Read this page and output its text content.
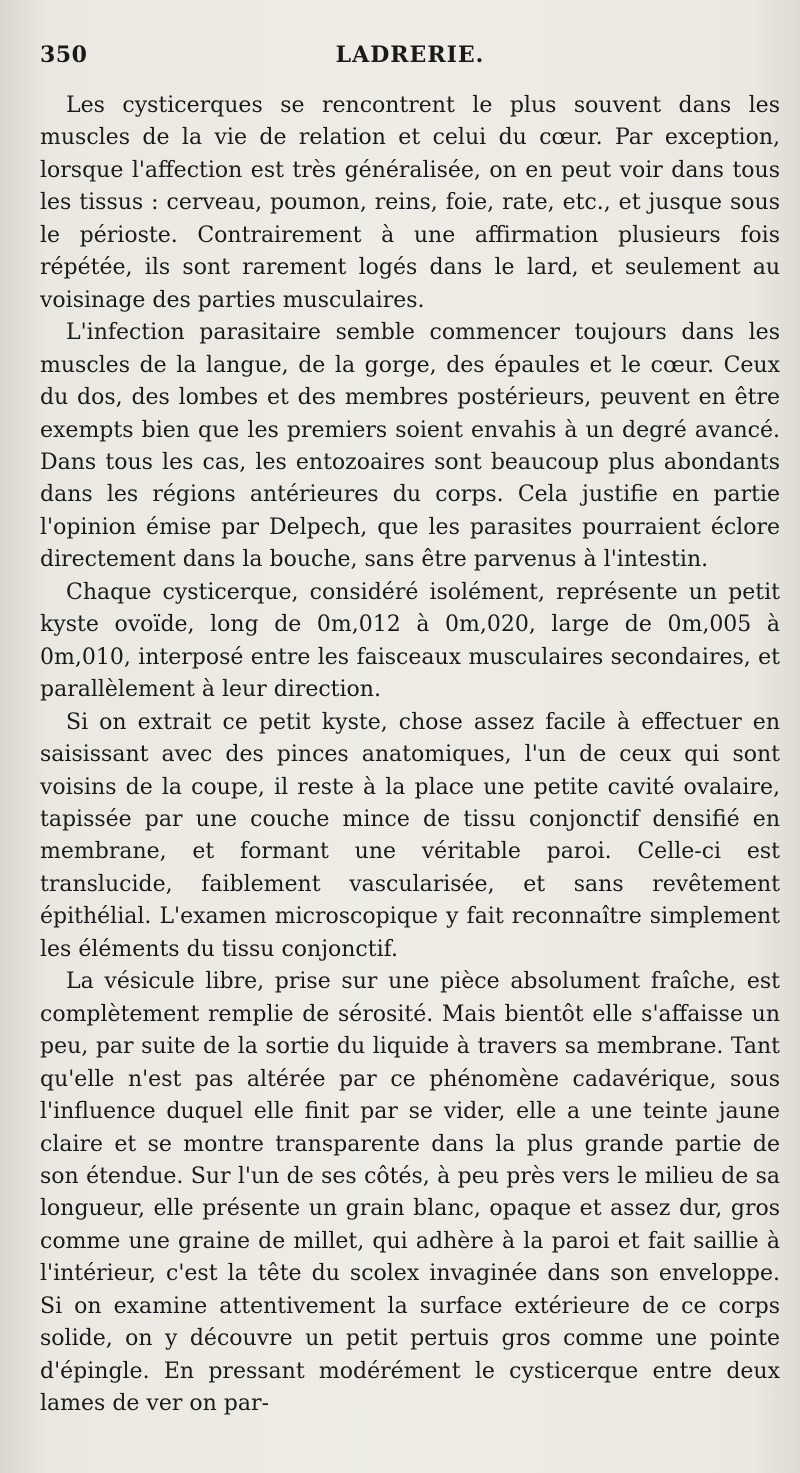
350	LADRERIE.

Les cysticerques se rencontrent le plus souvent dans les muscles de la vie de relation et celui du cœur. Par exception, lorsque l'affection est très généralisée, on en peut voir dans tous les tissus : cerveau, poumon, reins, foie, rate, etc., et jusque sous le périoste. Contrairement à une affirmation plusieurs fois répétée, ils sont rarement logés dans le lard, et seulement au voisinage des parties musculaires.

L'infection parasitaire semble commencer toujours dans les muscles de la langue, de la gorge, des épaules et le cœur. Ceux du dos, des lombes et des membres postérieurs, peuvent en être exempts bien que les premiers soient envahis à un degré avancé. Dans tous les cas, les entozoaires sont beaucoup plus abondants dans les régions antérieures du corps. Cela justifie en partie l'opinion émise par Delpech, que les parasites pourraient éclore directement dans la bouche, sans être parvenus à l'intestin.

Chaque cysticerque, considéré isolément, représente un petit kyste ovoïde, long de 0m,012 à 0m,020, large de 0m,005 à 0m,010, interposé entre les faisceaux musculaires secondaires, et parallèlement à leur direction.

Si on extrait ce petit kyste, chose assez facile à effectuer en saisissant avec des pinces anatomiques, l'un de ceux qui sont voisins de la coupe, il reste à la place une petite cavité ovalaire, tapissée par une couche mince de tissu conjonctif densifié en membrane, et formant une véritable paroi. Celle-ci est translucide, faiblement vascularisée, et sans revêtement épithélial. L'examen microscopique y fait reconnaître simplement les éléments du tissu conjonctif.

La vésicule libre, prise sur une pièce absolument fraîche, est complètement remplie de sérosité. Mais bientôt elle s'affaisse un peu, par suite de la sortie du liquide à travers sa membrane. Tant qu'elle n'est pas altérée par ce phénomène cadavérique, sous l'influence duquel elle finit par se vider, elle a une teinte jaune claire et se montre transparente dans la plus grande partie de son étendue. Sur l'un de ses côtés, à peu près vers le milieu de sa longueur, elle présente un grain blanc, opaque et assez dur, gros comme une graine de millet, qui adhère à la paroi et fait saillie à l'intérieur, c'est la tête du scolex invaginée dans son enveloppe. Si on examine attentivement la surface extérieure de ce corps solide, on y découvre un petit pertuis gros comme une pointe d'épingle. En pressant modérément le cysticerque entre deux lames de ver on par-
